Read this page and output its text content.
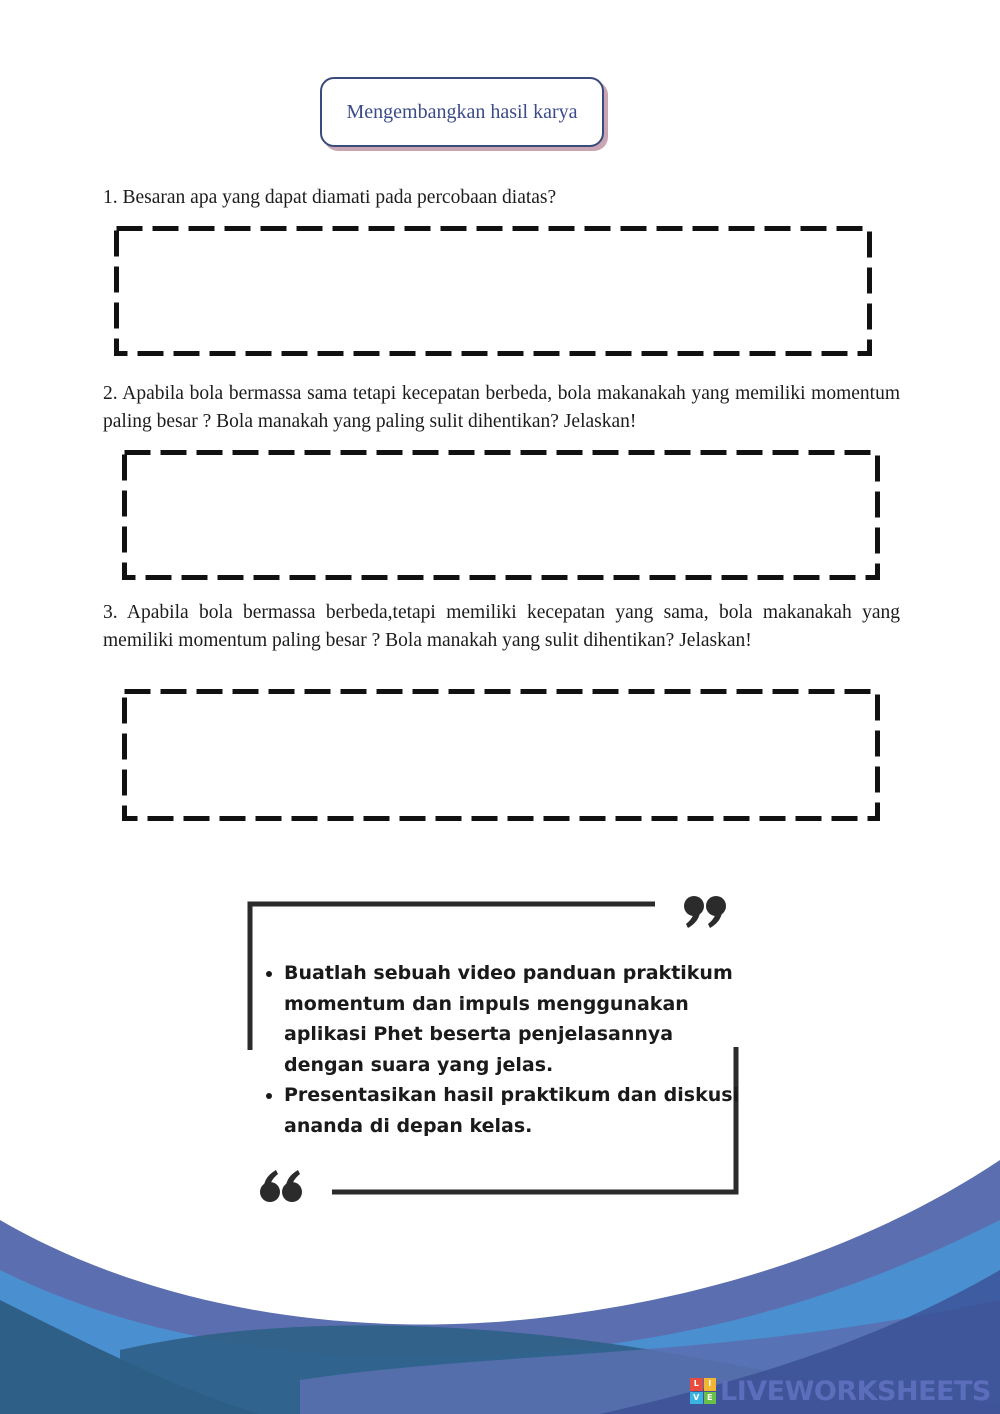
Mengembangkan hasil karya
1. Besaran apa yang dapat diamati pada percobaan diatas?
2. Apabila bola bermassa sama tetapi kecepatan berbeda, bola makanakah yang memiliki momentum paling besar ? Bola manakah yang paling sulit dihentikan? Jelaskan!
3. Apabila bola bermassa berbeda,tetapi memiliki kecepatan yang sama, bola makanakah yang memiliki momentum paling besar ? Bola manakah yang sulit dihentikan? Jelaskan!
• Buatlah sebuah video panduan praktikum momentum dan impuls menggunakan aplikasi Phet beserta penjelasannya dengan suara yang jelas.
• Presentasikan hasil praktikum dan diskusi ananda di depan kelas.
L	I
V E LIVEWORKSHEETS
